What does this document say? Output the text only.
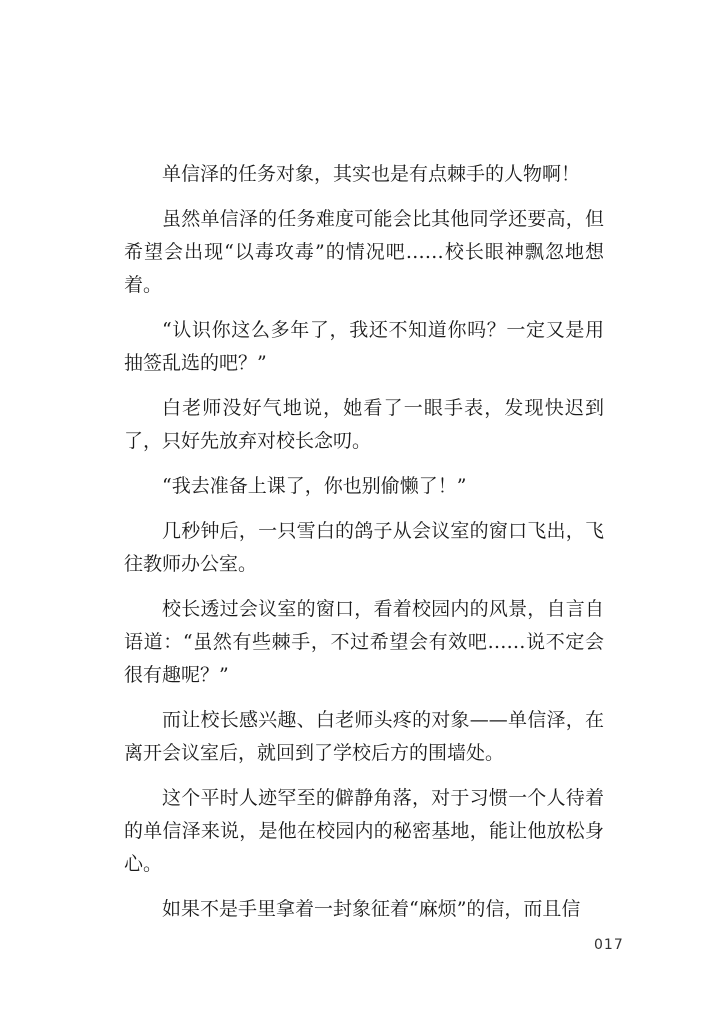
单信泽的任务对象，其实也是有点棘手的人物啊！

虽然单信泽的任务难度可能会比其他同学还要高，但希望会出现“以毒攻毒”的情况吧……校长眼神飘忽地想着。

“认识你这么多年了，我还不知道你吗？一定又是用抽签乱选的吧？”

白老师没好气地说，她看了一眼手表，发现快迟到了，只好先放弃对校长念叨。

“我去准备上课了，你也别偷懒了！”

几秒钟后，一只雪白的鸽子从会议室的窗口飞出，飞往教师办公室。

校长透过会议室的窗口，看着校园内的风景，自言自语道：“虽然有些棘手，不过希望会有效吧……说不定会很有趣呢？”

而让校长感兴趣、白老师头疼的对象——单信泽，在离开会议室后，就回到了学校后方的围墙处。

这个平时人迹罕至的僻静角落，对于习惯一个人待着的单信泽来说，是他在校园内的秘密基地，能让他放松身心。

如果不是手里拿着一封象征着“麻烦”的信，而且信

017
